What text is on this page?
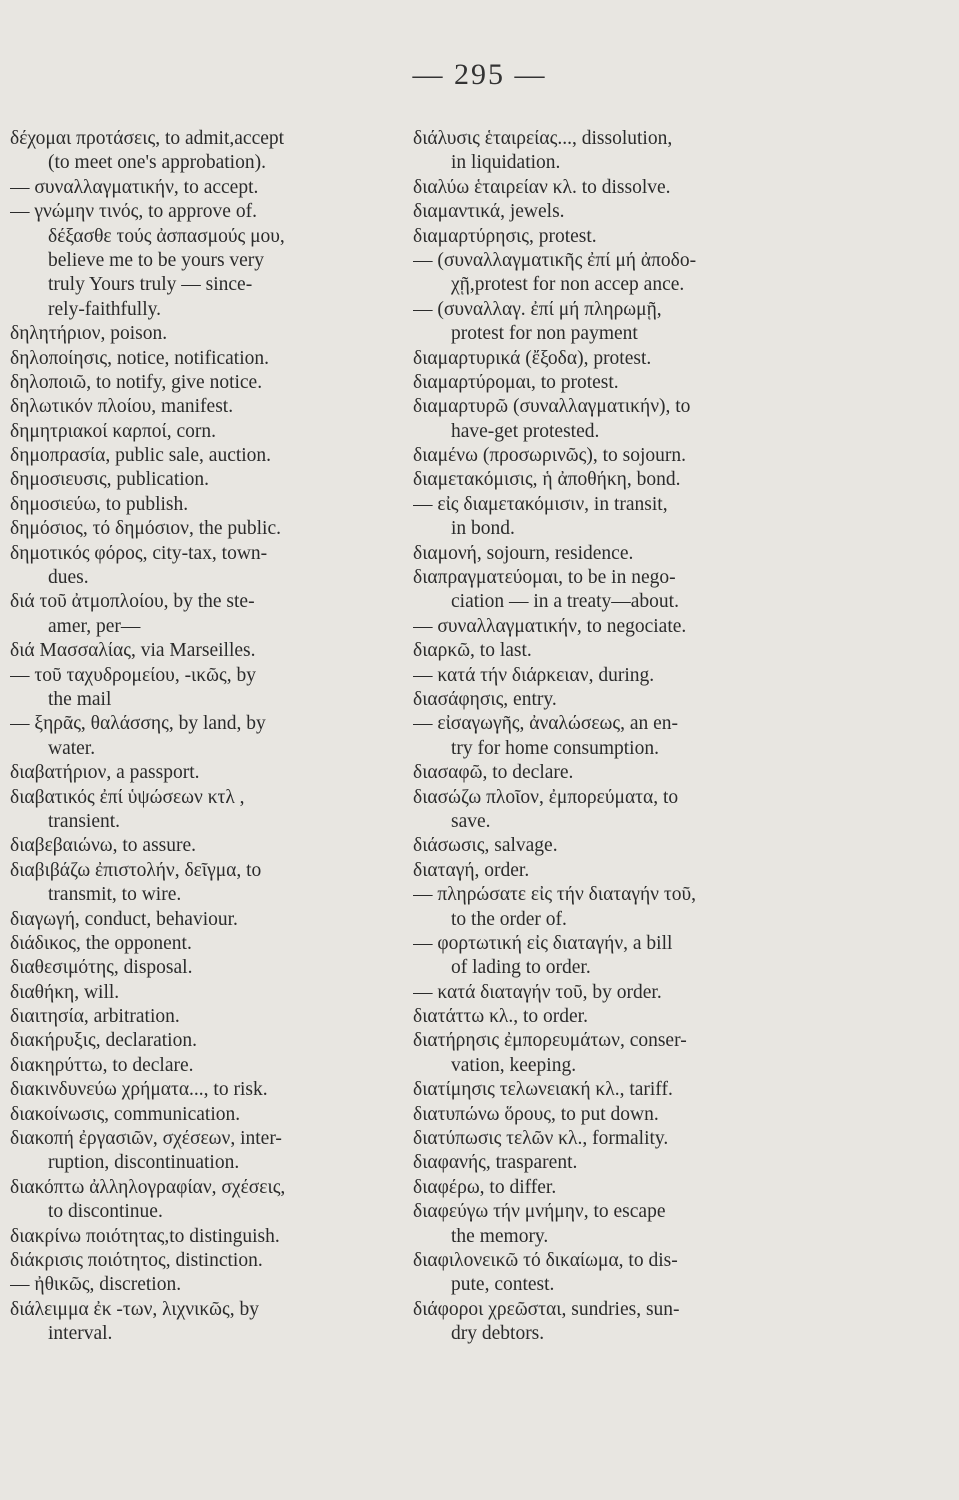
— 295 —
δέχομαι προτάσεις, to admit,accept
(to meet one's approbation).
— συναλλαγματικήν, to accept.
— γνώμην τινός, to approve of.
δέξασθε τούς ἀσπασμούς μου,
believe me to be yours very
truly Yours truly — since-
rely-faithfully.
δηλητήριον, poison.
δηλοποίησις, notice, notification.
δηλοποιῶ, to notify, give notice.
δηλωτικόν πλοίου, manifest.
δημητριακοί καρποί, corn.
δημοπρασία, public sale, auction.
δημοσιευσις, publication.
δημοσιεύω, to publish.
δημόσιος, τό δημόσιον, the public.
δημοτικός φόρος, city-tax, town-
dues.
διά τοῦ ἀτμοπλοίου, by the ste-
amer, per—
διά Μασσαλίας, via Marseilles.
— τοῦ ταχυδρομείου, -ικῶς, by
the mail
— ξηρᾶς, θαλάσσης, by land, by
water.
διαβατήριον, a passport.
διαβατικός ἐπί ὑψώσεων κτλ ,
transient.
διαβεβαιώνω, to assure.
διαβιβάζω ἐπιστολήν, δεῖγμα, to
transmit, to wire.
διαγωγή, conduct, behaviour.
διάδικος, the opponent.
διαθεσιμότης, disposal.
διαθήκη, will.
διαιτησία, arbitration.
διακήρυξις, declaration.
διακηρύττω, to declare.
διακινδυνεύω χρήματα..., to risk.
διακοίνωσις, communication.
διακοπή ἐργασιῶν, σχέσεων, inter-
ruption, discontinuation.
διακόπτω ἀλληλογραφίαν, σχέσεις,
to discontinue.
διακρίνω ποιότητας,to distinguish.
διάκρισις ποιότητος, distinction.
— ἠθικῶς, discretion.
διάλειμμα ἐκ -των, λιχνικῶς, by
interval.
διάλυσις ἑταιρείας..., dissolution,
in liquidation.
διαλύω ἑταιρείαν κλ. to dissolve.
διαμαντικά, jewels.
διαμαρτύρησις, protest.
— (συναλλαγματικῆς ἐπί μή ἀποδο-
χῇ,protest for non accep ance.
— (συναλλαγ. ἐπί μή πληρωμῇ,
protest for non payment
διαμαρτυρικά (ἔξοδα), protest.
διαμαρτύρομαι, to protest.
διαμαρτυρῶ (συναλλαγματικήν), to
have-get protested.
διαμένω (προσωρινῶς), to sojourn.
διαμετακόμισις, ἡ ἀποθήκη, bond.
— εἰς διαμετακόμισιν, in transit,
in bond.
διαμονή, sojourn, residence.
διαπραγματεύομαι, to be in nego-
ciation — in a treaty—about.
— συναλλαγματικήν, to negociate.
διαρκῶ, to last.
— κατά τήν διάρκειαν, during.
διασάφησις, entry.
— εἰσαγωγῆς, ἀναλώσεως, an en-
try for home consumption.
διασαφῶ, to declare.
διασώζω πλοῖον, ἐμπορεύματα, to
save.
διάσωσις, salvage.
διαταγή, order.
— πληρώσατε εἰς τήν διαταγήν τοῦ,
to the order of.
— φορτωτική εἰς διαταγήν, a bill
of lading to order.
— κατά διαταγήν τοῦ, by order.
διατάττω κλ., to order.
διατήρησις ἐμπορευμάτων, conser-
vation, keeping.
διατίμησις τελωνειακή κλ., tariff.
διατυπώνω ὅρους, to put down.
διατύπωσις τελῶν κλ., formality.
διαφανής, trasparent.
διαφέρω, to differ.
διαφεύγω τήν μνήμην, to escape
the memory.
διαφιλονεικῶ τό δικαίωμα, to dis-
pute, contest.
διάφοροι χρεῶσται, sundries, sun-
dry debtors.
